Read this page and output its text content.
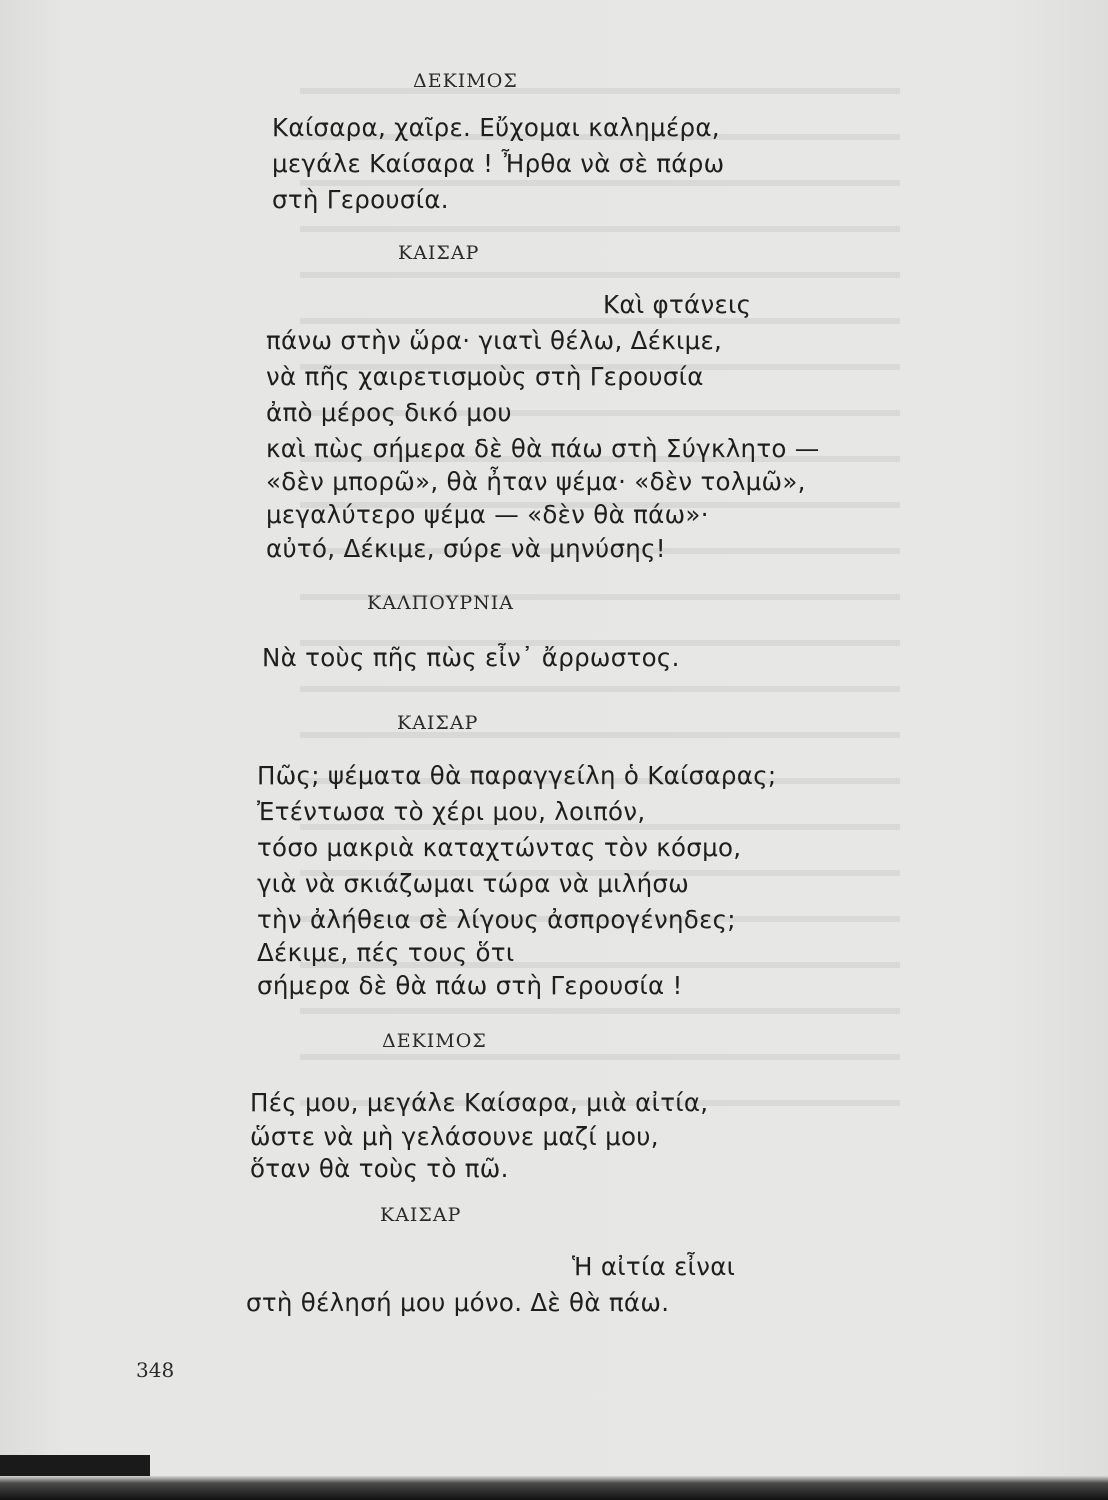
ΔΕΚΙΜΟΣ
Καίσαρα, χαῖρε. Εὔχομαι καλημέρα,
μεγάλε Καίσαρα ! Ἦρθα νὰ σὲ πάρω
στὴ Γερουσία.
ΚΑΙΣΑΡ
Καὶ φτάνεις
πάνω στὴν ὥρα· γιατὶ θέλω, Δέκιμε,
νὰ πῆς χαιρετισμοὺς στὴ Γερουσία
ἀπὸ μέρος δικό μου
καὶ πὼς σήμερα δὲ θὰ πάω στὴ Σύγκλητο —
«δὲν μπορῶ», θὰ ἦταν ψέμα· «δὲν τολμῶ»,
μεγαλύτερο ψέμα — «δὲν θὰ πάω»·
αὐτό, Δέκιμε, σύρε νὰ μηνύσης!
ΚΑΛΠΟΥΡΝΙΑ
Νὰ τοὺς πῆς πὼς εἶν᾿ ἄρρωστος.
ΚΑΙΣΑΡ
Πῶς; ψέματα θὰ παραγγείλη ὁ Καίσαρας;
Ἐτέντωσα τὸ χέρι μου, λοιπόν,
τόσο μακριὰ καταχτώντας τὸν κόσμο,
γιὰ νὰ σκιάζωμαι τώρα νὰ μιλήσω
τὴν ἀλήθεια σὲ λίγους ἀσπρογένηδες;
Δέκιμε, πές τους ὅτι
σήμερα δὲ θὰ πάω στὴ Γερουσία !
ΔΕΚΙΜΟΣ
Πές μου, μεγάλε Καίσαρα, μιὰ αἰτία,
ὥστε νὰ μὴ γελάσουνε μαζί μου,
ὅταν θὰ τοὺς τὸ πῶ.
ΚΑΙΣΑΡ
Ἡ αἰτία εἶναι
στὴ θέλησή μου μόνο. Δὲ θὰ πάω.
348
